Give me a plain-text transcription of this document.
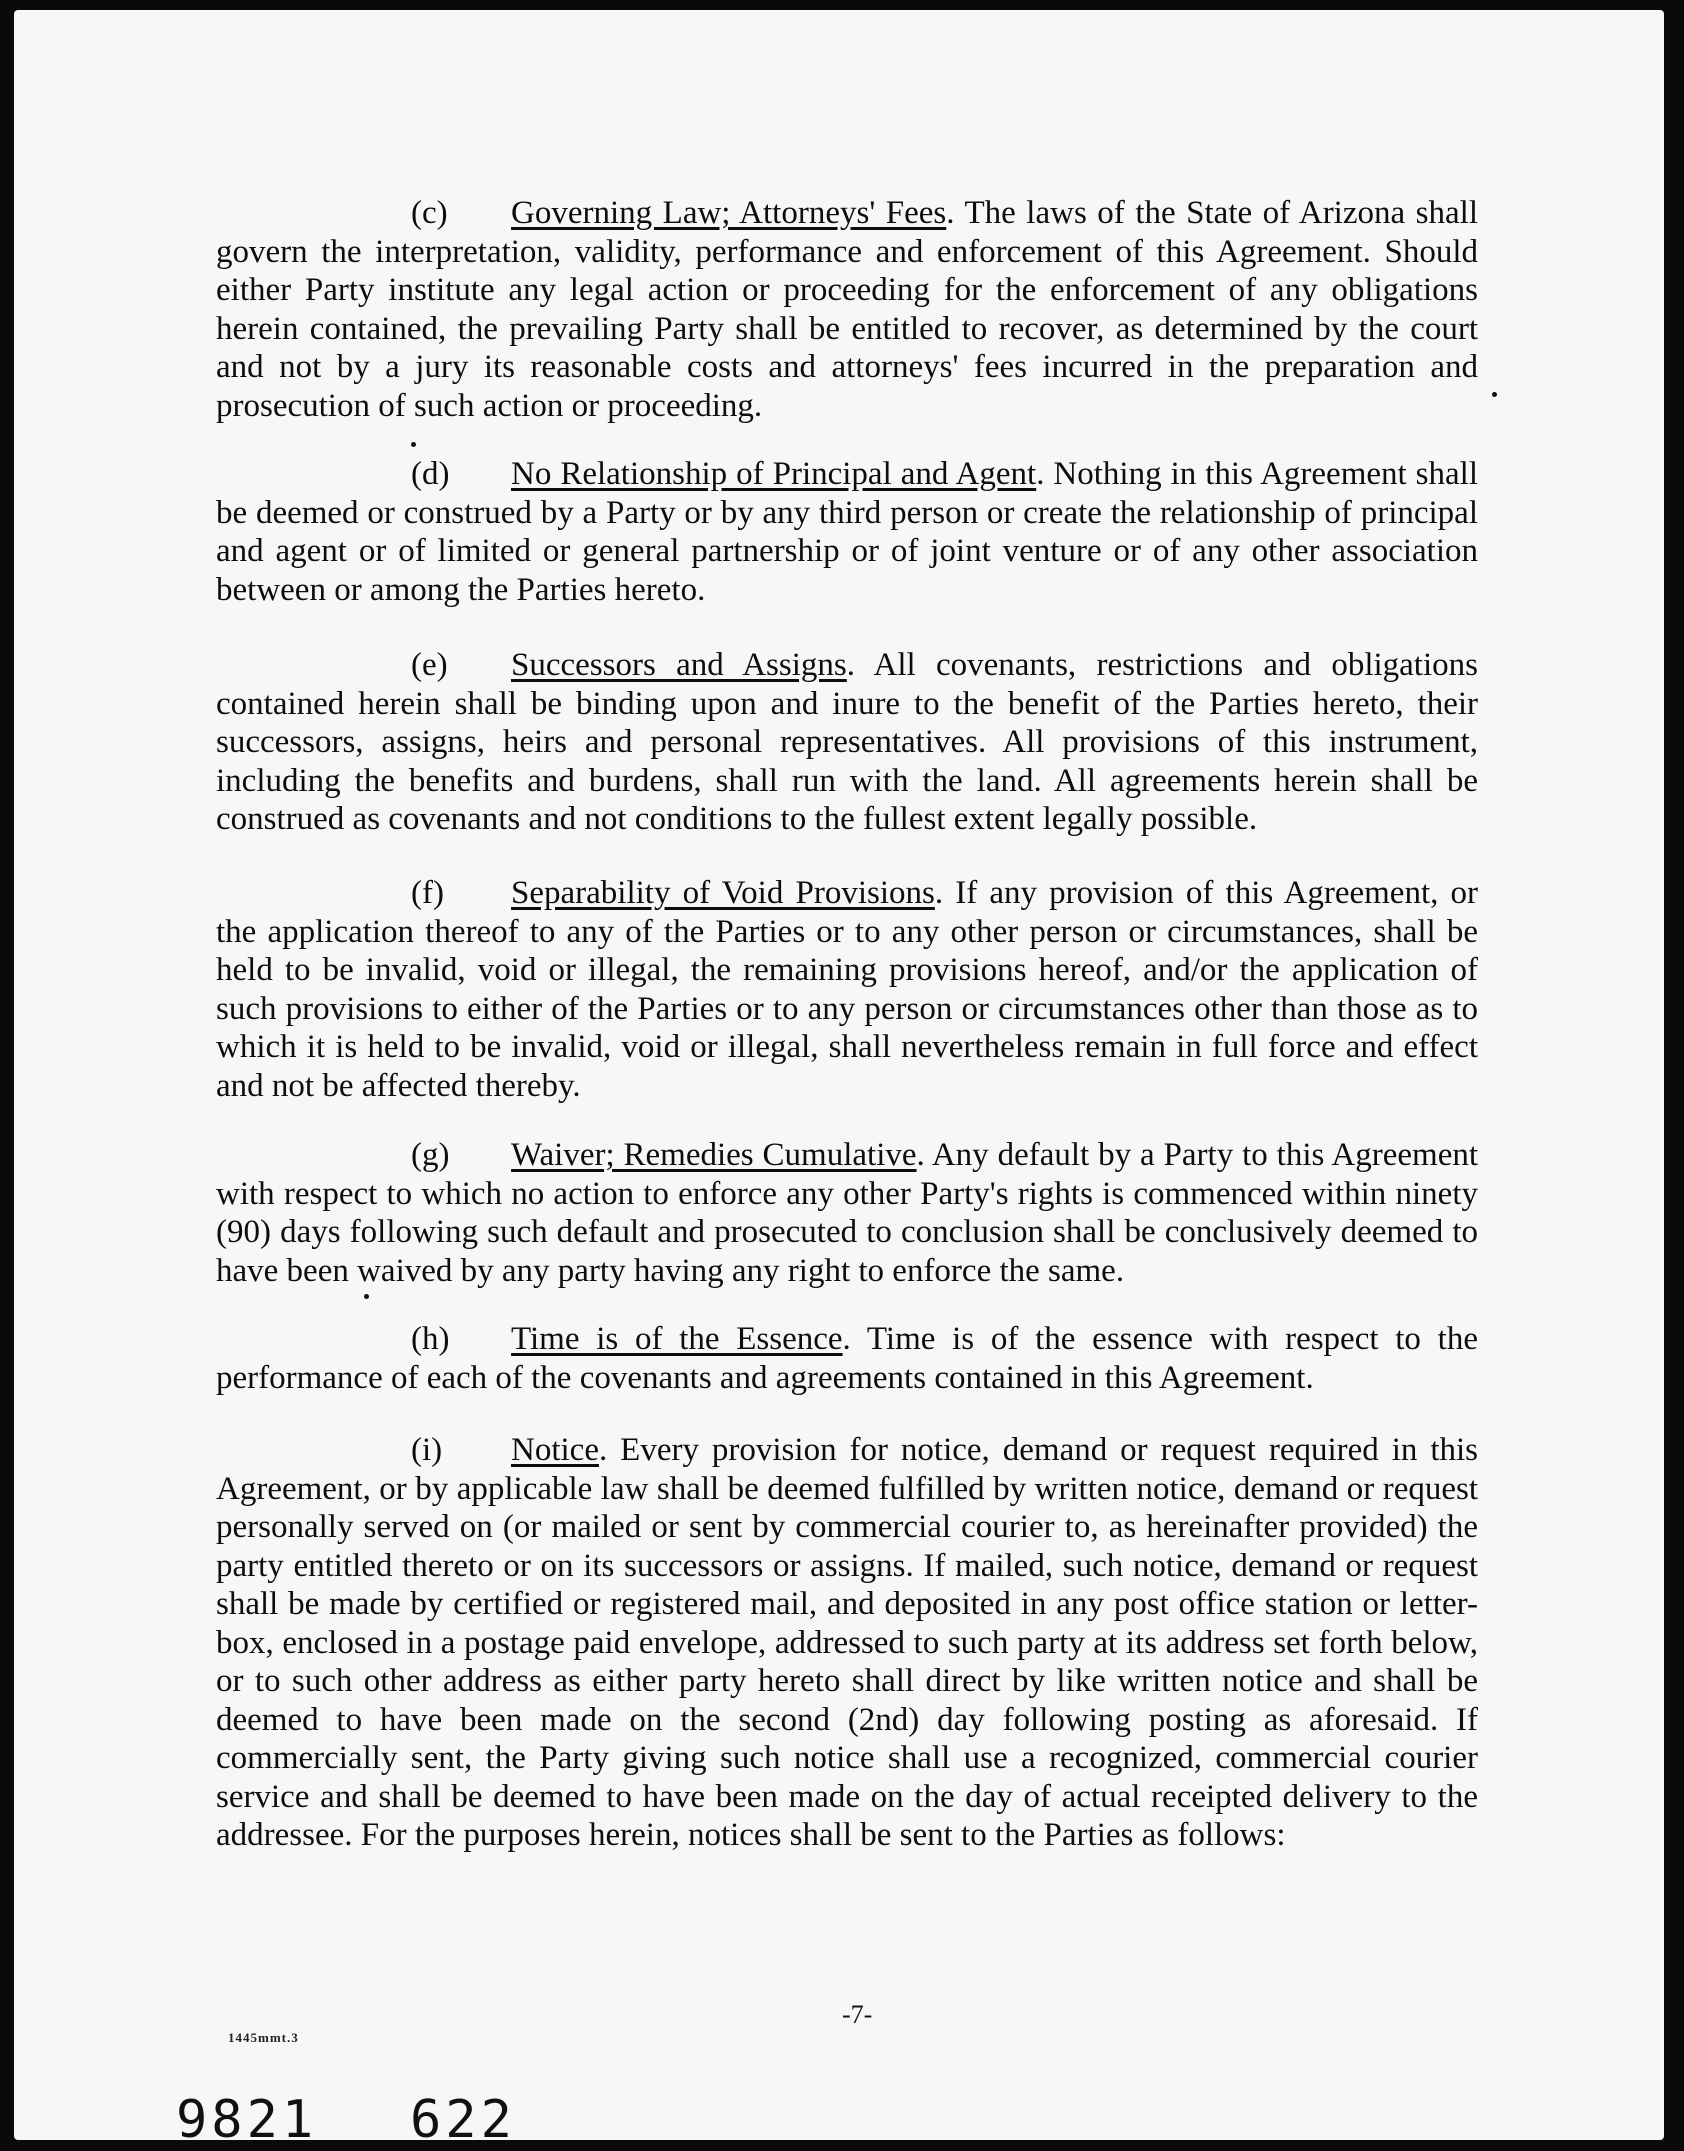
(c) Governing Law; Attorneys' Fees. The laws of the State of Arizona shall govern the interpretation, validity, performance and enforcement of this Agreement. Should either Party institute any legal action or proceeding for the enforcement of any obligations herein contained, the prevailing Party shall be entitled to recover, as determined by the court and not by a jury its reasonable costs and attorneys' fees incurred in the preparation and prosecution of such action or proceeding.
(d) No Relationship of Principal and Agent. Nothing in this Agreement shall be deemed or construed by a Party or by any third person or create the relationship of principal and agent or of limited or general partnership or of joint venture or of any other association between or among the Parties hereto.
(e) Successors and Assigns. All covenants, restrictions and obligations contained herein shall be binding upon and inure to the benefit of the Parties hereto, their successors, assigns, heirs and personal representatives. All provisions of this instrument, including the benefits and burdens, shall run with the land. All agreements herein shall be construed as covenants and not conditions to the fullest extent legally possible.
(f) Separability of Void Provisions. If any provision of this Agreement, or the application thereof to any of the Parties or to any other person or circumstances, shall be held to be invalid, void or illegal, the remaining provisions hereof, and/or the application of such provisions to either of the Parties or to any person or circumstances other than those as to which it is held to be invalid, void or illegal, shall nevertheless remain in full force and effect and not be affected thereby.
(g) Waiver; Remedies Cumulative. Any default by a Party to this Agreement with respect to which no action to enforce any other Party's rights is commenced within ninety (90) days following such default and prosecuted to conclusion shall be conclusively deemed to have been waived by any party having any right to enforce the same.
(h) Time is of the Essence. Time is of the essence with respect to the performance of each of the covenants and agreements contained in this Agreement.
(i) Notice. Every provision for notice, demand or request required in this Agreement, or by applicable law shall be deemed fulfilled by written notice, demand or request personally served on (or mailed or sent by commercial courier to, as hereinafter provided) the party entitled thereto or on its successors or assigns. If mailed, such notice, demand or request shall be made by certified or registered mail, and deposited in any post office station or letter-box, enclosed in a postage paid envelope, addressed to such party at its address set forth below, or to such other address as either party hereto shall direct by like written notice and shall be deemed to have been made on the second (2nd) day following posting as aforesaid. If commercially sent, the Party giving such notice shall use a recognized, commercial courier service and shall be deemed to have been made on the day of actual receipted delivery to the addressee. For the purposes herein, notices shall be sent to the Parties as follows:
-7-
1445mmt.3
9821 622
